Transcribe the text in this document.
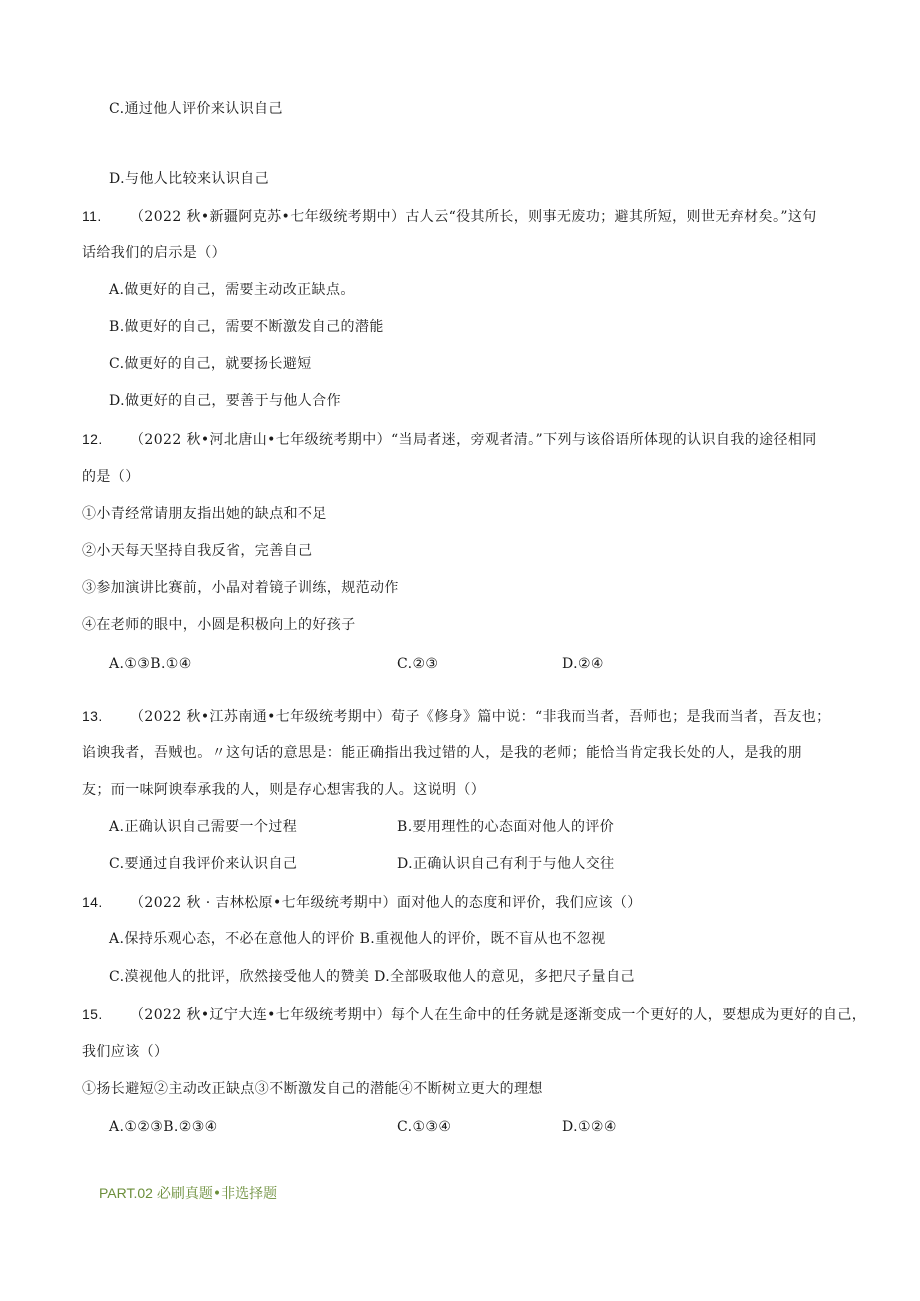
C.通过他人评价来认识自己
D.与他人比较来认识自己
11. （2022 秋•新疆阿克苏•七年级统考期中）古人云“役其所长，则事无废功；避其所短，则世无弃材矣。”这句
话给我们的启示是（）
A.做更好的自己，需要主动改正缺点。
B.做更好的自己，需要不断激发自己的潜能
C.做更好的自己，就要扬长避短
D.做更好的自己，要善于与他人合作
12. （2022 秋•河北唐山•七年级统考期中）“当局者迷，旁观者清。”下列与该俗语所体现的认识自我的途径相同
的是（）
①小青经常请朋友指出她的缺点和不足
②小天每天坚持自我反省，完善自己
③参加演讲比赛前，小晶对着镜子训练，规范动作
④在老师的眼中，小圆是积极向上的好孩子
A.①③B.①④	C.②③	D.②④
13. （2022 秋•江苏南通•七年级统考期中）荀子《修身》篇中说：“非我而当者，吾师也；是我而当者，吾友也；
谄谀我者，吾贼也。〃这句话的意思是：能正确指出我过错的人，是我的老师；能恰当肯定我长处的人，是我的朋
友；而一味阿谀奉承我的人，则是存心想害我的人。这说明（）
A.正确认识自己需要一个过程	B.要用理性的心态面对他人的评价
C.要通过自我评价来认识自己	D.正确认识自己有利于与他人交往
14. （2022 秋 · 吉林松原•七年级统考期中）面对他人的态度和评价，我们应该（）
A.保持乐观心态，不必在意他人的评价 B.重视他人的评价，既不盲从也不忽视
C.漠视他人的批评，欣然接受他人的赞美 D.全部吸取他人的意见，多把尺子量自己
15. （2022 秋•辽宁大连•七年级统考期中）每个人在生命中的任务就是逐渐变成一个更好的人，要想成为更好的自己，
我们应该（）
①扬长避短②主动改正缺点③不断激发自己的潜能④不断树立更大的理想
A.①②③B.②③④	C.①③④	D.①②④
PART.02 必刷真题•非选择题
